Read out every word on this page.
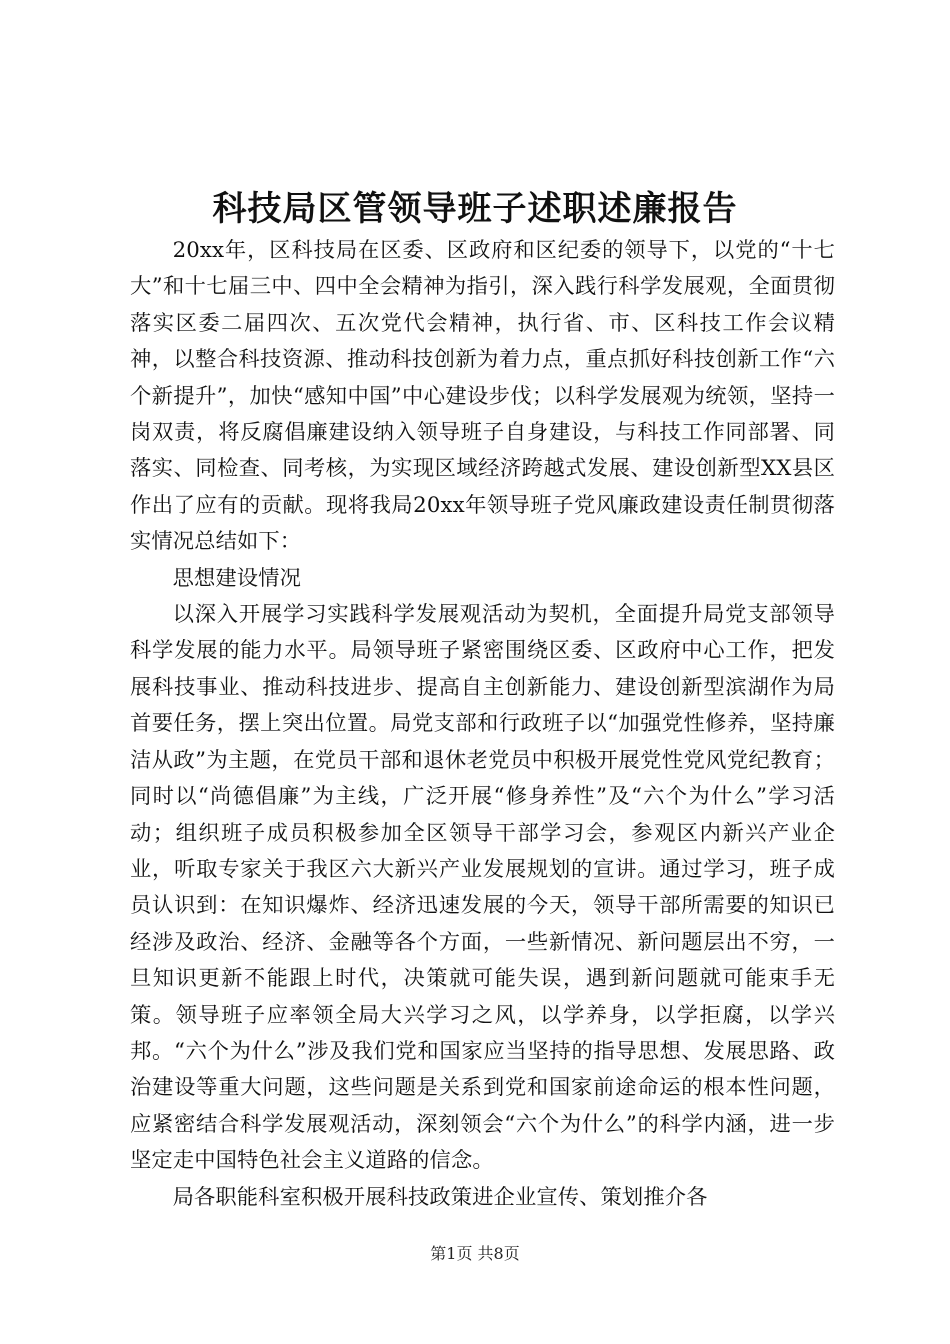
科技局区管领导班子述职述廉报告

20xx年，区科技局在区委、区政府和区纪委的领导下，以党的“十七大”和十七届三中、四中全会精神为指引，深入践行科学发展观，全面贯彻落实区委二届四次、五次党代会精神，执行省、市、区科技工作会议精神，以整合科技资源、推动科技创新为着力点，重点抓好科技创新工作“六个新提升”，加快“感知中国”中心建设步伐；以科学发展观为统领，坚持一岗双责，将反腐倡廉建设纳入领导班子自身建设，与科技工作同部署、同落实、同检查、同考核，为实现区域经济跨越式发展、建设创新型XX县区作出了应有的贡献。现将我局20xx年领导班子党风廉政建设责任制贯彻落实情况总结如下：

思想建设情况

以深入开展学习实践科学发展观活动为契机，全面提升局党支部领导科学发展的能力水平。局领导班子紧密围绕区委、区政府中心工作，把发展科技事业、推动科技进步、提高自主创新能力、建设创新型滨湖作为局首要任务，摆上突出位置。局党支部和行政班子以“加强党性修养，坚持廉洁从政”为主题，在党员干部和退休老党员中积极开展党性党风党纪教育；同时以“尚德倡廉”为主线，广泛开展“修身养性”及“六个为什么”学习活动；组织班子成员积极参加全区领导干部学习会，参观区内新兴产业企业，听取专家关于我区六大新兴产业发展规划的宣讲。通过学习，班子成员认识到：在知识爆炸、经济迅速发展的今天，领导干部所需要的知识已经涉及政治、经济、金融等各个方面，一些新情况、新问题层出不穷，一旦知识更新不能跟上时代，决策就可能失误，遇到新问题就可能束手无策。领导班子应率领全局大兴学习之风，以学养身，以学拒腐，以学兴邦。“六个为什么”涉及我们党和国家应当坚持的指导思想、发展思路、政治建设等重大问题，这些问题是关系到党和国家前途命运的根本性问题，应紧密结合科学发展观活动，深刻领会“六个为什么”的科学内涵，进一步坚定走中国特色社会主义道路的信念。

局各职能科室积极开展科技政策进企业宣传、策划推介各

第1页 共8页
